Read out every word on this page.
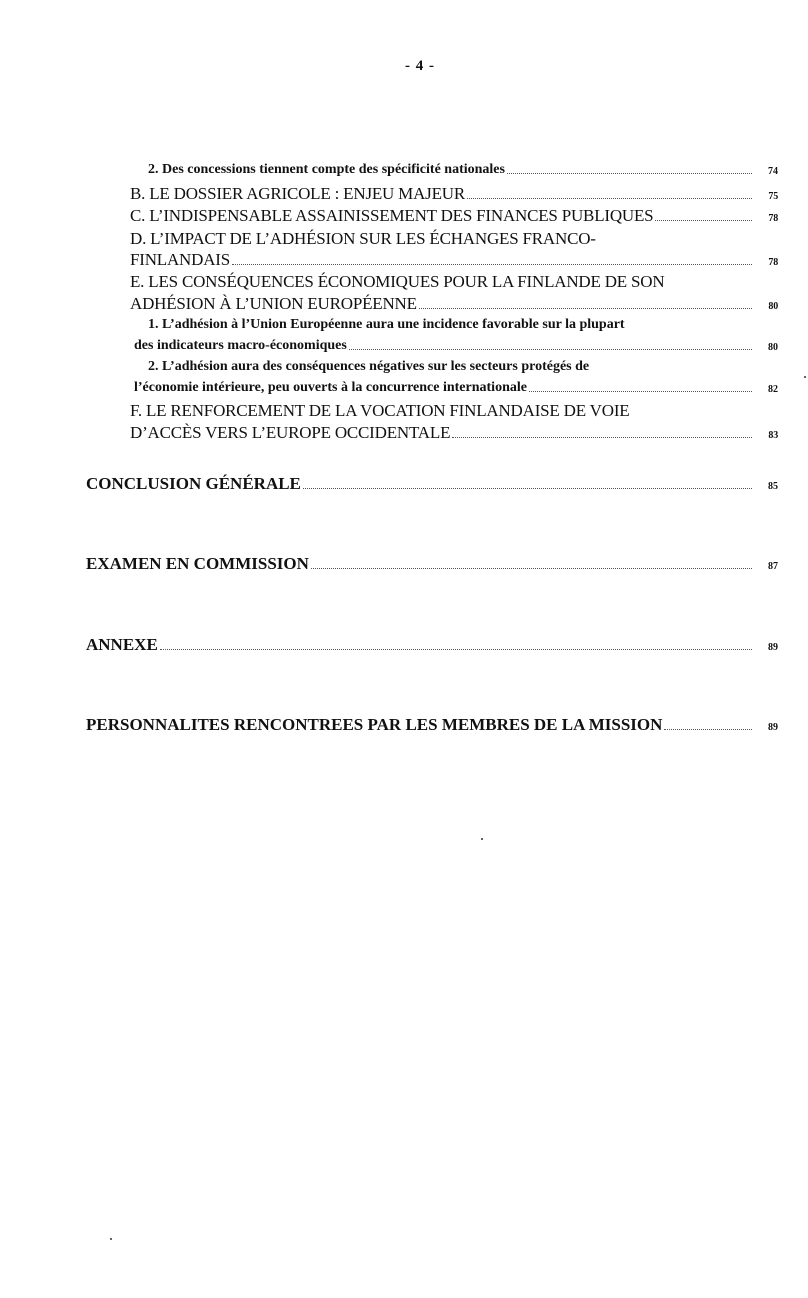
- 4 -
2. Des concessions tiennent compte des spécificité nationales	74
B. LE DOSSIER AGRICOLE : ENJEU MAJEUR	75
C. L’INDISPENSABLE ASSAINISSEMENT DES FINANCES PUBLIQUES	78
D. L’IMPACT DE L’ADHÉSION SUR LES ÉCHANGES FRANCO-
FINLANDAIS	78
E. LES CONSÉQUENCES ÉCONOMIQUES POUR LA FINLANDE DE SON
ADHÉSION À L’UNION EUROPÉENNE	80
1. L’adhésion à l’Union Européenne aura une incidence favorable sur la plupart
des indicateurs macro-économiques	80
2. L’adhésion aura des conséquences négatives sur les secteurs protégés de
l’économie intérieure, peu ouverts à la concurrence internationale	82
F. LE RENFORCEMENT DE LA VOCATION FINLANDAISE DE VOIE
D’ACCÈS VERS L’EUROPE OCCIDENTALE	83
CONCLUSION GÉNÉRALE	85
EXAMEN EN COMMISSION	87
ANNEXE	89
PERSONNALITES RENCONTREES PAR LES MEMBRES DE LA MISSION	89
